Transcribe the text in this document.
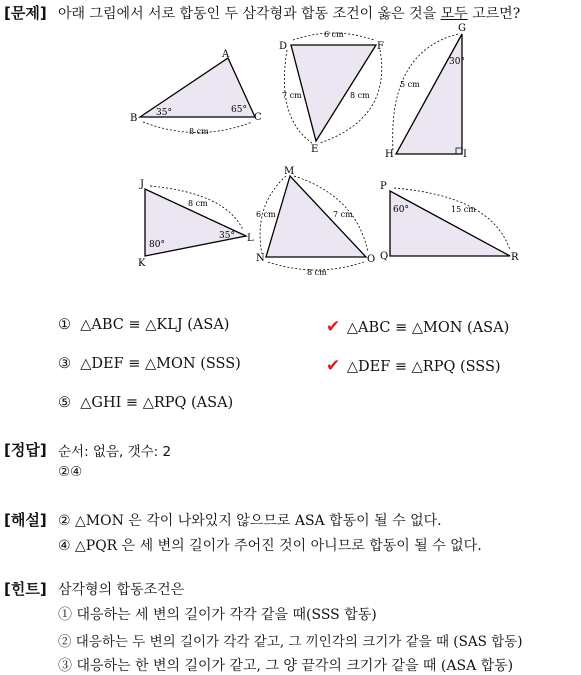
[문제] 아래 그림에서 서로 합동인 두 삼각형과 합동 조건이 옳은 것을 모두 고르면?
B
A
C
35°	65°
8 cm
D	F
E
6 cm
7 cm	8 cm
G
H	I
30°
5 cm
J
K
L
80°
35°
8 cm
M
N	O
6 cm	7 cm
8 cm
P
Q	R
60°	15 cm
① △ABC ≡ △KLJ (ASA)	✔ △ABC ≡ △MON (ASA)
③ △DEF ≡ △MON (SSS)	✔ △DEF ≡ △RPQ (SSS)
⑤ △GHI ≡ △RPQ (ASA)
[정답] 순서: 없음, 갯수: 2
②④
[해설] ② △MON 은 각이 나와있지 않으므로 ASA 합동이 될 수 없다.
④ △PQR 은 세 변의 길이가 주어진 것이 아니므로 합동이 될 수 없다.
[힌트] 삼각형의 합동조건은
① 대응하는 세 변의 길이가 각각 같을 때(SSS 합동)
② 대응하는 두 변의 길이가 각각 같고, 그 끼인각의 크기가 같을 때 (SAS 합동)
③ 대응하는 한 변의 길이가 같고, 그 양 끝각의 크기가 같을 때 (ASA 합동)
